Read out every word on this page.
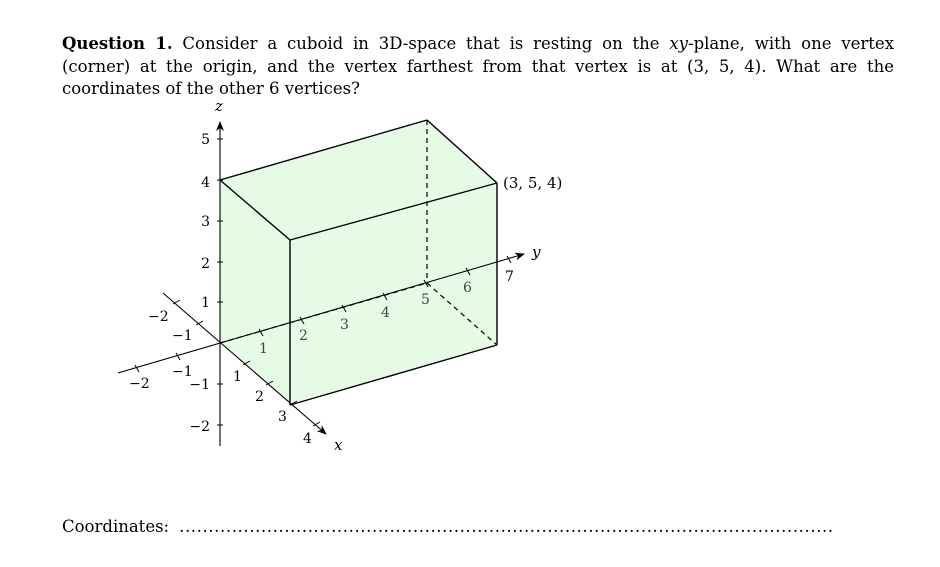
Question 1. Consider a cuboid in 3D-space that is resting on the xy-plane, with one vertex (corner) at the origin, and the vertex farthest from that vertex is at (3, 5, 4). What are the coordinates of the other 6 vertices?

z
y
x
5
4
3
2
1
−1
−2
−2
−1
1
2
3
4
5
6
7
−2
−1
1
2
3
4
(3, 5, 4)
Coordinates: ................................................................................................................
